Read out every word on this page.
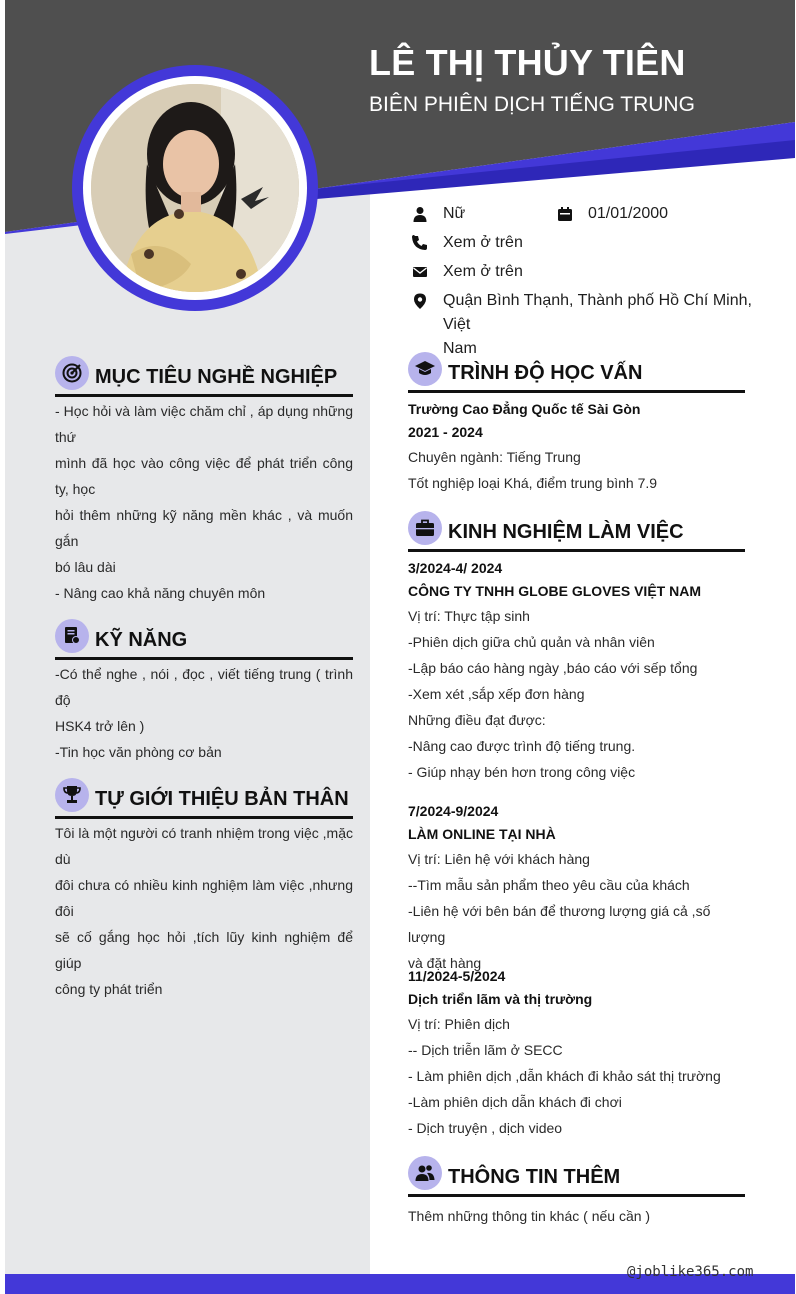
LÊ THỊ THỦY TIÊN
BIÊN PHIÊN DỊCH TIẾNG TRUNG
Nữ	01/01/2000
Xem ở trên
Xem ở trên
Quận Bình Thạnh, Thành phố Hồ Chí Minh, Việt
Nam
MỤC TIÊU NGHỀ NGHIỆP

- Học hỏi và làm việc chăm chỉ , áp dụng những thứ

mình đã học vào công việc để phát triển công ty, học

hỏi thêm những kỹ năng mền khác , và muốn gắn

bó lâu dài

- Nâng cao khả năng chuyên môn

KỸ NĂNG

-Có thể nghe , nói , đọc , viết tiếng trung ( trình độ

HSK4 trở lên )

-Tin học văn phòng cơ bản

TỰ GIỚI THIỆU BẢN THÂN

Tôi là một người có tranh nhiệm trong việc ,mặc dù

đôi chưa có nhiều kinh nghiệm làm việc ,nhưng đôi

sẽ cố gắng học hỏi ,tích lũy kinh nghiệm để giúp

công ty phát triển

TRÌNH ĐỘ HỌC VẤN

Trường Cao Đẳng Quốc tế Sài Gòn

2021 - 2024

Chuyên ngành: Tiếng Trung

Tốt nghiệp loại Khá, điểm trung bình 7.9

KINH NGHIỆM LÀM VIỆC

3/2024-4/ 2024

CÔNG TY TNHH GLOBE GLOVES VIỆT NAM

Vị trí: Thực tập sinh

-Phiên dịch giữa chủ quản và nhân viên

-Lập báo cáo hàng ngày ,báo cáo với sếp tổng

-Xem xét ,sắp xếp đơn hàng

Những điều đạt được:

-Nâng cao được trình độ tiếng trung.

- Giúp nhạy bén hơn trong công việc

7/2024-9/2024

LÀM ONLINE TẠI NHÀ

Vị trí: Liên hệ với khách hàng

--Tìm mẫu sản phẩm theo yêu cầu của khách

-Liên hệ với bên bán để thương lượng giá cả ,số lượng

và đặt hàng

11/2024-5/2024

Dịch triển lãm và thị trường

Vị trí: Phiên dịch

-- Dịch triễn lãm ở SECC

- Làm phiên dịch ,dẫn khách đi khảo sát thị trường

-Làm phiên dịch dẫn khách đi chơi

- Dịch truyện , dịch video

THÔNG TIN THÊM

Thêm những thông tin khác ( nếu cần )

@joblike365.com
